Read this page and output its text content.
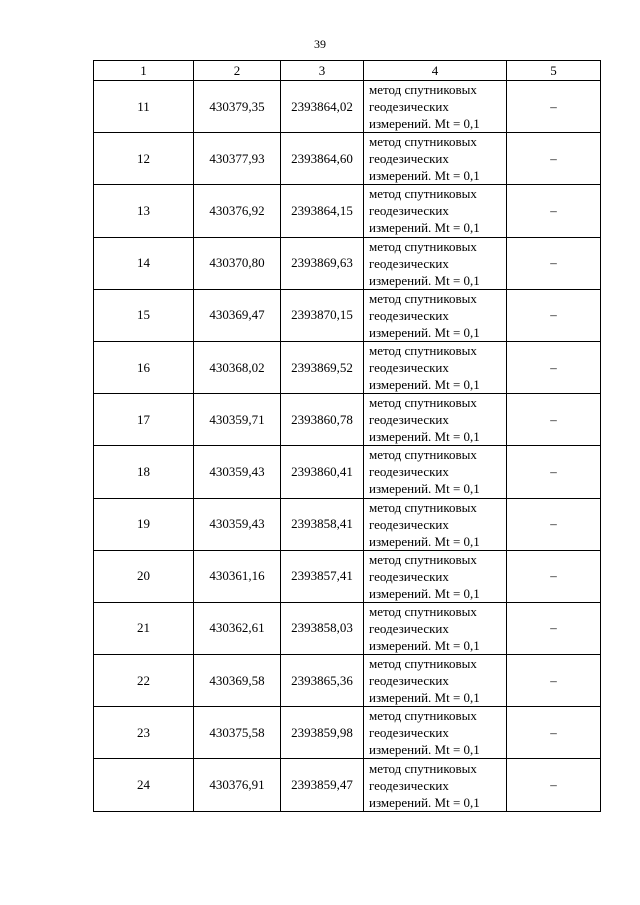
39
1	2	3	4	5
11	430379,35	2393864,02	метод спутниковых
геодезических
измерений. Mt = 0,1	–
12	430377,93	2393864,60	метод спутниковых
геодезических
измерений. Mt = 0,1	–
13	430376,92	2393864,15	метод спутниковых
геодезических
измерений. Mt = 0,1	–
14	430370,80	2393869,63	метод спутниковых
геодезических
измерений. Mt = 0,1	–
15	430369,47	2393870,15	метод спутниковых
геодезических
измерений. Mt = 0,1	–
16	430368,02	2393869,52	метод спутниковых
геодезических
измерений. Mt = 0,1	–
17	430359,71	2393860,78	метод спутниковых
геодезических
измерений. Mt = 0,1	–
18	430359,43	2393860,41	метод спутниковых
геодезических
измерений. Mt = 0,1	–
19	430359,43	2393858,41	метод спутниковых
геодезических
измерений. Mt = 0,1	–
20	430361,16	2393857,41	метод спутниковых
геодезических
измерений. Mt = 0,1	–
21	430362,61	2393858,03	метод спутниковых
геодезических
измерений. Mt = 0,1	–
22	430369,58	2393865,36	метод спутниковых
геодезических
измерений. Mt = 0,1	–
23	430375,58	2393859,98	метод спутниковых
геодезических
измерений. Mt = 0,1	–
24	430376,91	2393859,47	метод спутниковых
геодезических
измерений. Mt = 0,1	–
